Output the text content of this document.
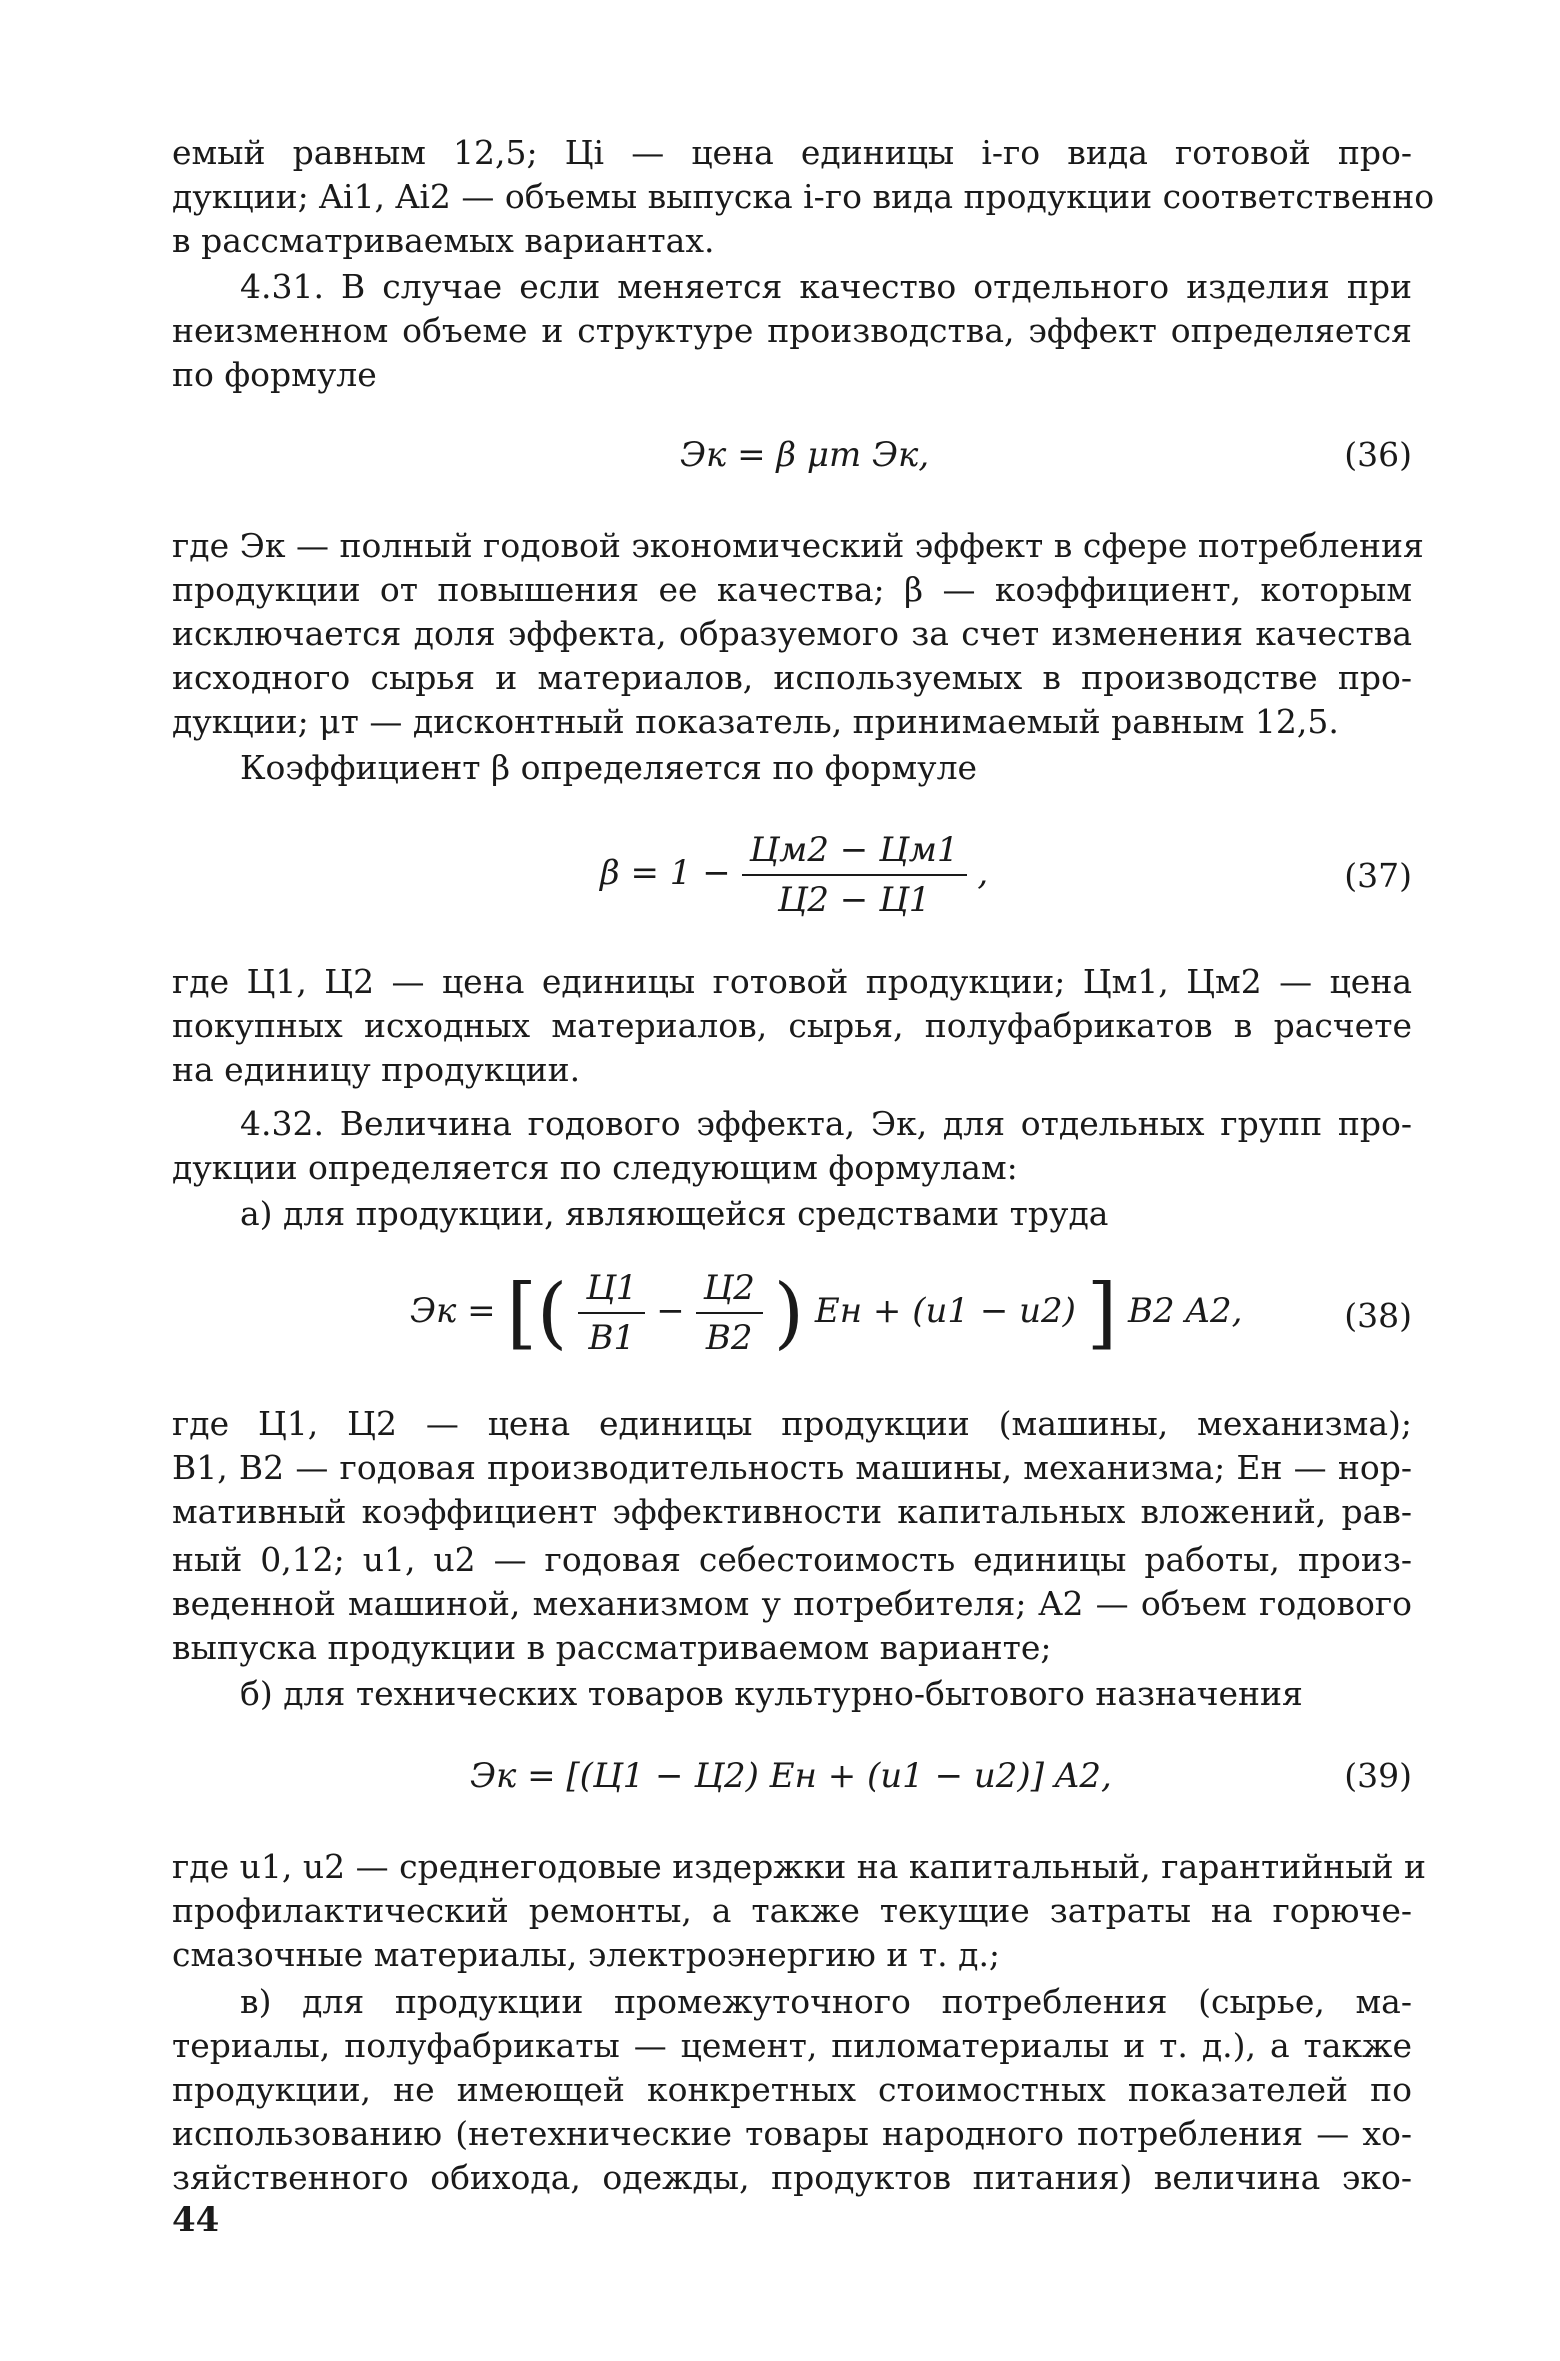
емый равным 12,5; Цi — цена единицы i-го вида готовой про-
дукции; Ai1, Ai2 — объемы выпуска i-го вида продукции соответственно
в рассматриваемых вариантах.
4.31. В случае если меняется качество отдельного изделия при
неизменном объеме и структуре производства, эффект определяется
по формуле
Эк = β μт Эк,	(36)
где Эк — полный годовой экономический эффект в сфере потребления
продукции от повышения ее качества; β — коэффициент, которым
исключается доля эффекта, образуемого за счет изменения качества
исходного сырья и материалов, используемых в производстве про-
дукции; μт — дисконтный показатель, принимаемый равным 12,5.
Коэффициент β определяется по формуле
$\beta = 1 - \frac{Цм2 - Цм1}{Ц2 - Ц1}$ ,	(37)
где Ц1, Ц2 — цена единицы готовой продукции; Цм1, Цм2 — цена
покупных исходных материалов, сырья, полуфабрикатов в расчете
на единицу продукции.
4.32. Величина годового эффекта, Эк, для отдельных групп про-
дукции определяется по следующим формулам:
а) для продукции, являющейся средствами труда
Эк = [( $\frac{Ц1}{B1} - \frac{Ц2}{B2}$ ) Eн + (u1 − u2) ] B2 A2,	(38)
где Ц1, Ц2 — цена единицы продукции (машины, механизма);
B1, B2 — годовая производительность машины, механизма; Eн — нор-
мативный коэффициент эффективности капитальных вложений, рав-
ный 0,12; u1, u2 — годовая себестоимость единицы работы, произ-
веденной машиной, механизмом у потребителя; A2 — объем годового
выпуска продукции в рассматриваемом варианте;
б) для технических товаров культурно-бытового назначения
Эк = [(Ц1 − Ц2) Eн + (u1 − u2)] A2,	(39)
где u1, u2 — среднегодовые издержки на капитальный, гарантийный и
профилактический ремонты, а также текущие затраты на горюче-
смазочные материалы, электроэнергию и т. д.;
в) для продукции промежуточного потребления (сырье, ма-
териалы, полуфабрикаты — цемент, пиломатериалы и т. д.), а также
продукции, не имеющей конкретных стоимостных показателей по
использованию (нетехнические товары народного потребления — хо-
зяйственного обихода, одежды, продуктов питания) величина эко-
44
